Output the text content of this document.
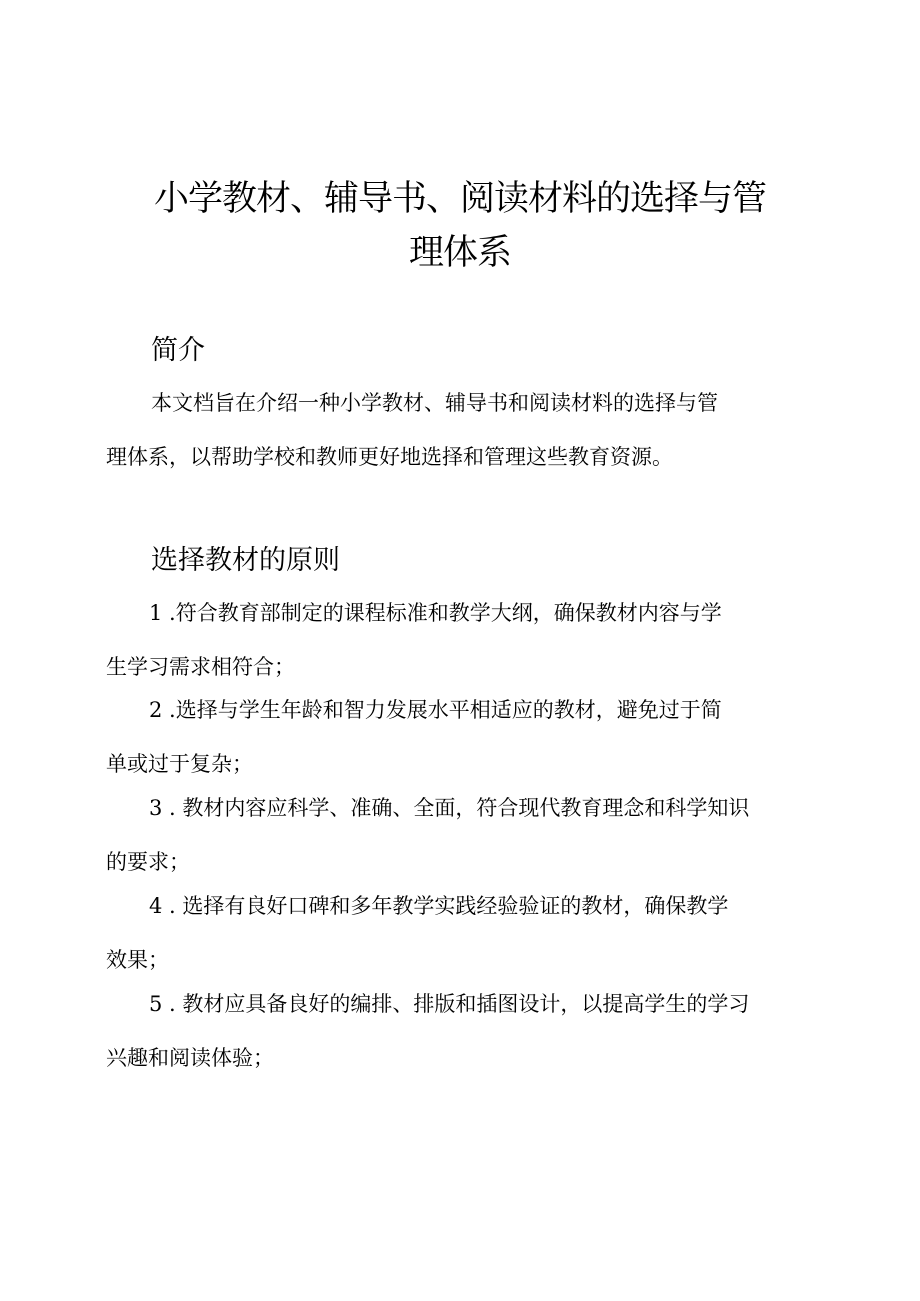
小学教材、辅导书、阅读材料的选择与管
理体系
简介

本文档旨在介绍一种小学教材、辅导书和阅读材料的选择与管
理体系，以帮助学校和教师更好地选择和管理这些教育资源。

选择教材的原则

1 .符合教育部制定的课程标准和教学大纲，确保教材内容与学
生学习需求相符合；

2 .选择与学生年龄和智力发展水平相适应的教材，避免过于简
单或过于复杂；

3 . 教材内容应科学、准确、全面，符合现代教育理念和科学知识
的要求；

4 . 选择有良好口碑和多年教学实践经验验证的教材，确保教学
效果；

5 . 教材应具备良好的编排、排版和插图设计，以提高学生的学习
兴趣和阅读体验；
